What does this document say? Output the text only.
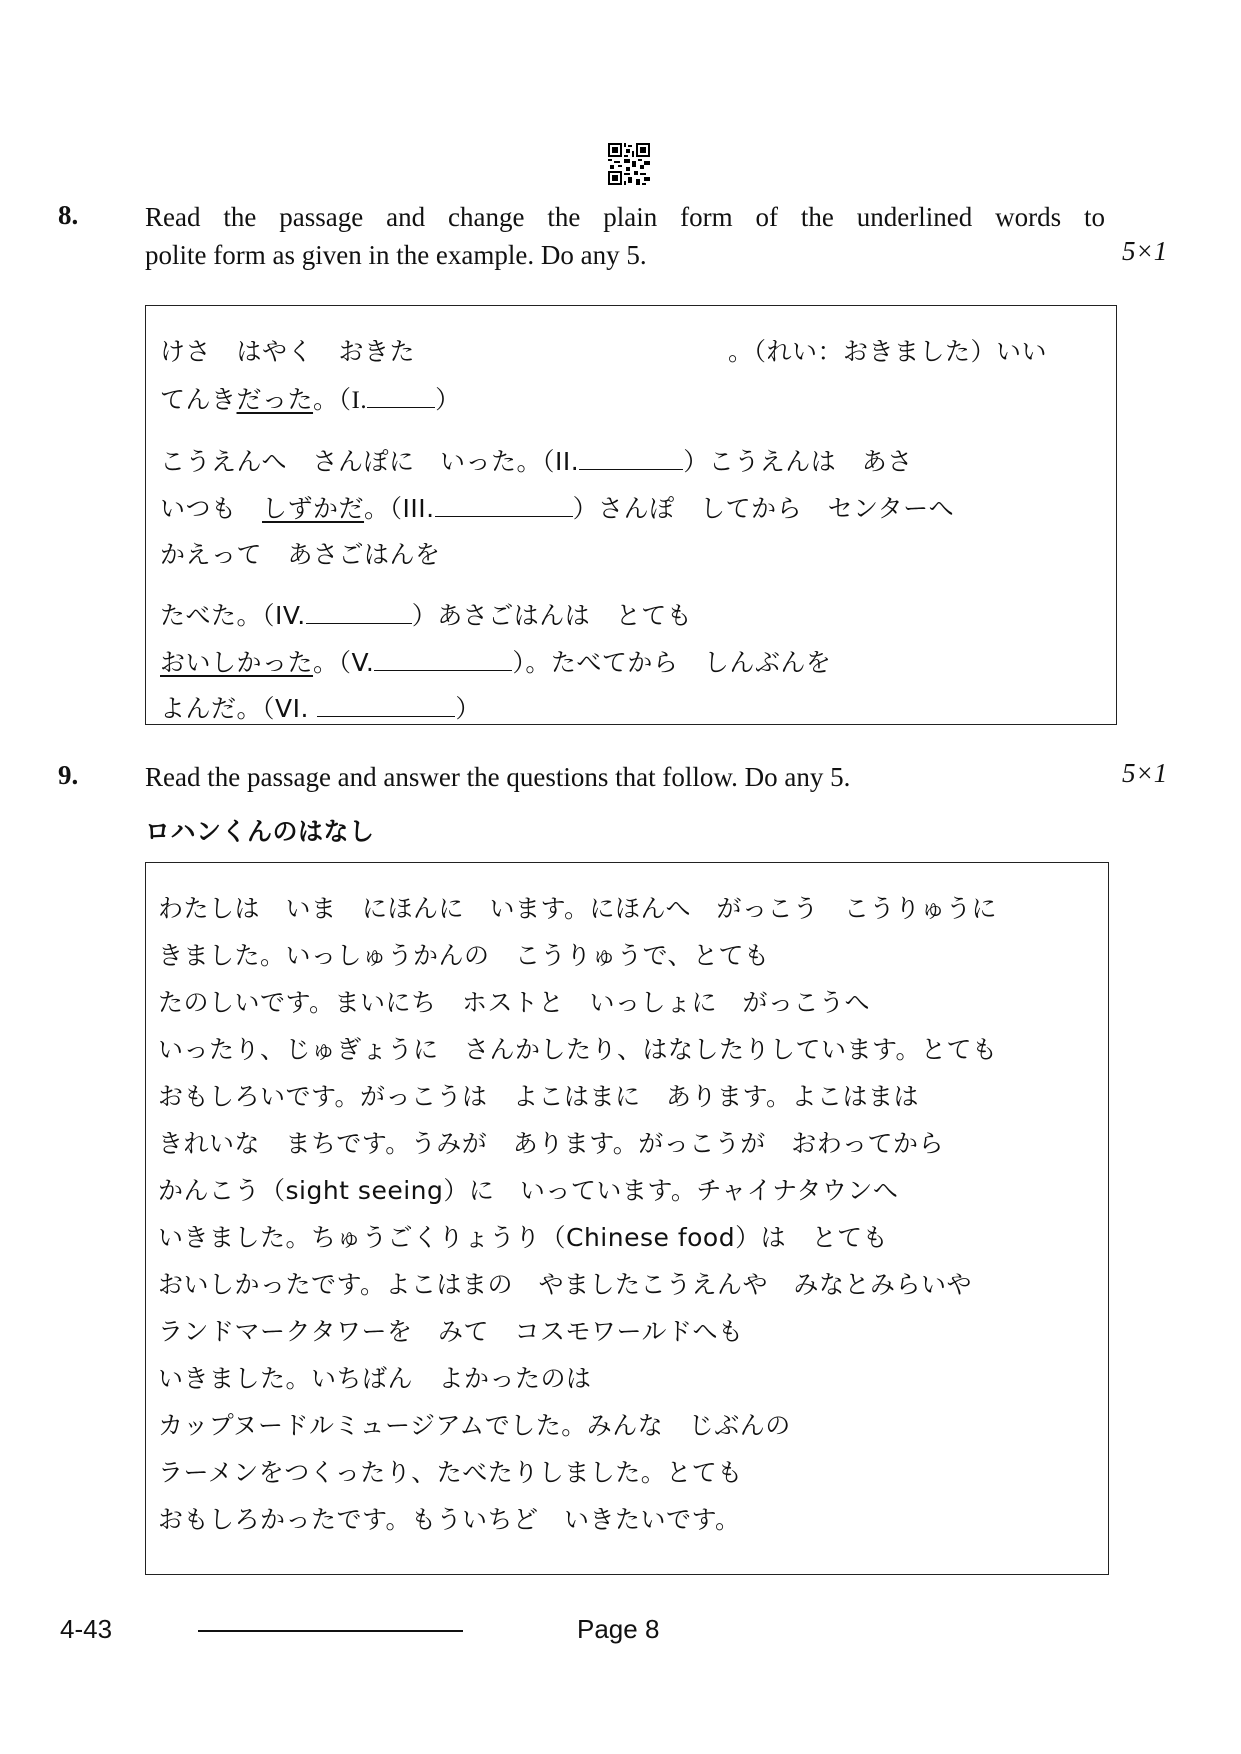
8. Read the passage and change the plain form of the underlined words to
polite form as given in the example. Do any 5.	5×1
けさ　はやく　おきた	。（れい：おきました）いい
てんきだった。（I.	）
こうえんへ　さんぽに　いった。（II.	）こうえんは　あさ
いつも　しずかだ。（III.	）さんぽ　してから　センターへ
かえって　あさごはんを
たべた。（IV.	）あさごはんは　とても
おいしかった。（V.	）。たべてから　しんぶんを
よんだ。（VI.	）
9. Read the passage and answer the questions that follow. Do any 5.	5×1
ロハンくんのはなし
わたしは　いま　にほんに　います。にほんへ　がっこう　こうりゅうに
きました。いっしゅうかんの　こうりゅうで、とても
たのしいです。まいにち　ホストと　いっしょに　がっこうへ
いったり、じゅぎょうに　さんかしたり、はなしたりしています。とても
おもしろいです。がっこうは　よこはまに　あります。よこはまは
きれいな　まちです。うみが　あります。がっこうが　おわってから
かんこう（sight seeing）に　いっています。チャイナタウンへ
いきました。ちゅうごくりょうり（Chinese food）は　とても
おいしかったです。よこはまの　やましたこうえんや　みなとみらいや
ランドマークタワーを　みて　コスモワールドへも
いきました。いちばん　よかったのは
カップヌードルミュージアムでした。みんな　じぶんの
ラーメンをつくったり、たべたりしました。とても
おもしろかったです。もういちど　いきたいです。
4-43	Page 8
